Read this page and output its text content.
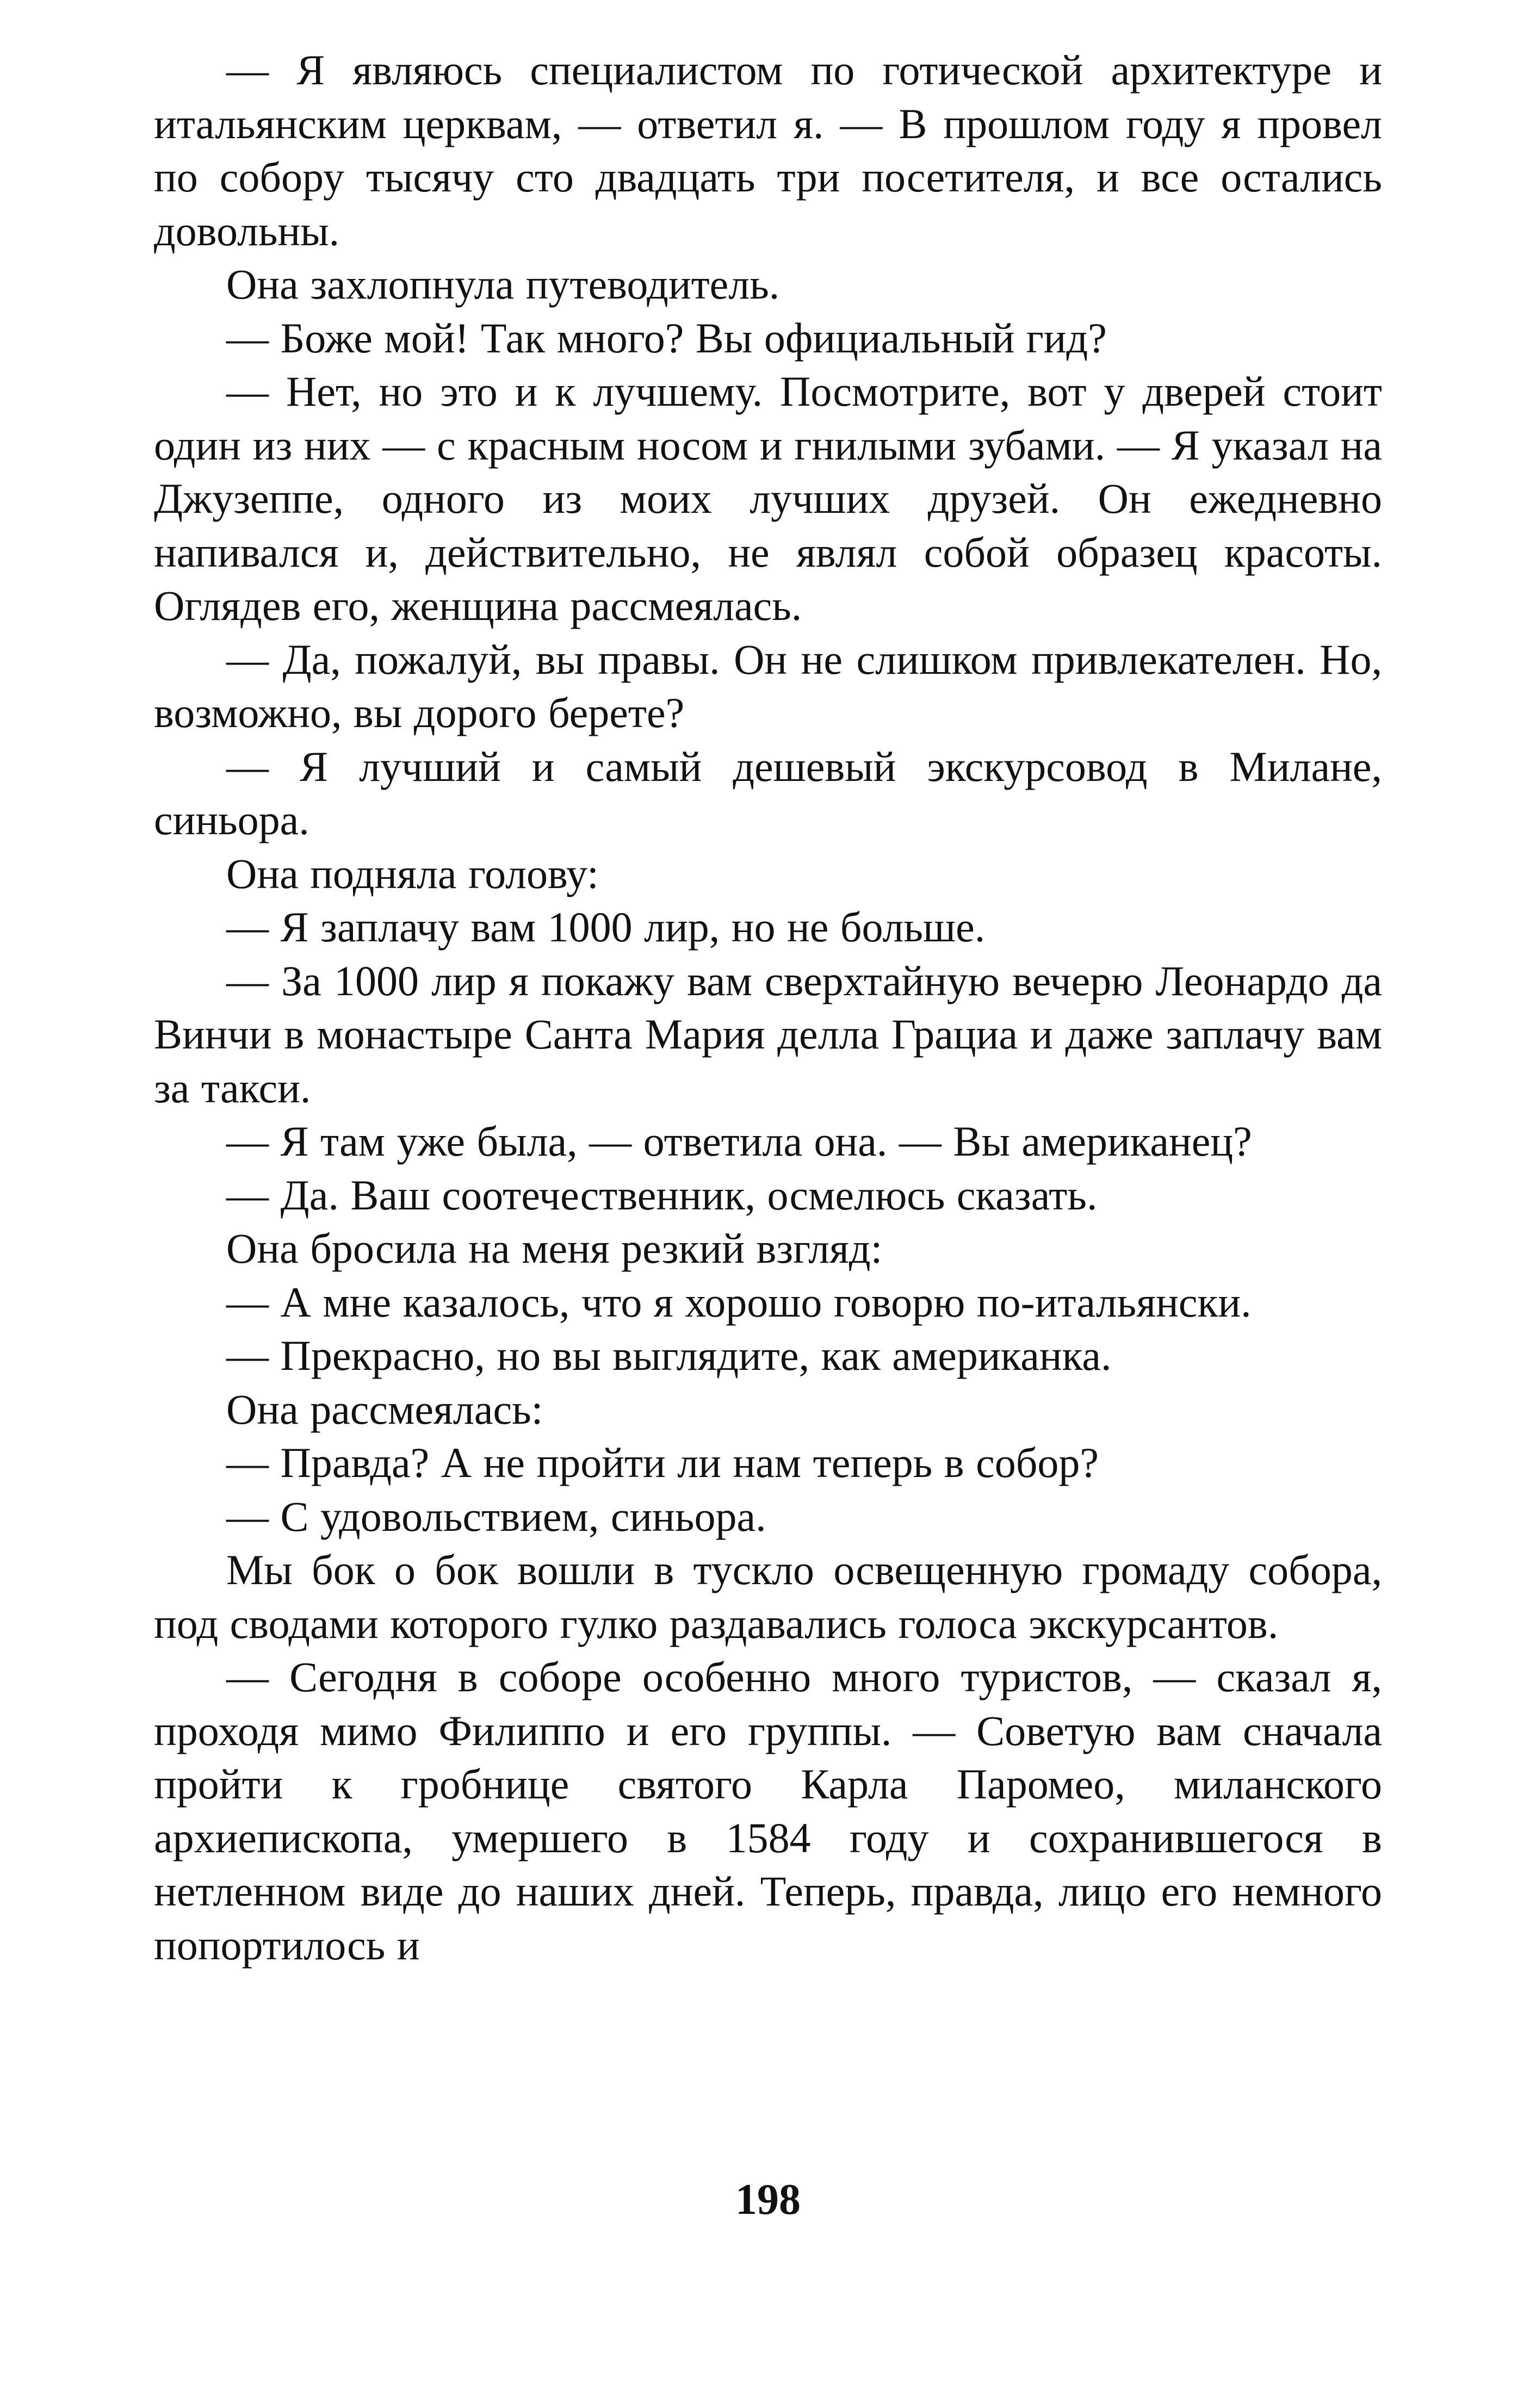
— Я являюсь специалистом по готической архитектуре и итальянским церквам, — ответил я. — В прошлом году я провел по собору тысячу сто двадцать три посетителя, и все остались довольны.

Она захлопнула путеводитель.

— Боже мой! Так много? Вы официальный гид?

— Нет, но это и к лучшему. Посмотрите, вот у дверей стоит один из них — с красным носом и гнилыми зубами. — Я указал на Джузеппе, одного из моих лучших друзей. Он ежедневно напивался и, действительно, не являл собой образец красоты. Оглядев его, женщина рассмеялась.

— Да, пожалуй, вы правы. Он не слишком привлекателен. Но, возможно, вы дорого берете?

— Я лучший и самый дешевый экскурсовод в Милане, синьора.

Она подняла голову:

— Я заплачу вам 1000 лир, но не больше.

— За 1000 лир я покажу вам сверхтайную вечерю Леонардо да Винчи в монастыре Санта Мария делла Грациа и даже заплачу вам за такси.

— Я там уже была, — ответила она. — Вы американец?

— Да. Ваш соотечественник, осмелюсь сказать.

Она бросила на меня резкий взгляд:

— А мне казалось, что я хорошо говорю по-итальянски.

— Прекрасно, но вы выглядите, как американка.

Она рассмеялась:

— Правда? А не пройти ли нам теперь в собор?

— С удовольствием, синьора.

Мы бок о бок вошли в тускло освещенную громаду собора, под сводами которого гулко раздавались голоса экскурсантов.

— Сегодня в соборе особенно много туристов, — сказал я, проходя мимо Филиппо и его группы. — Советую вам сначала пройти к гробнице святого Карла Паромео, миланского архиепископа, умершего в 1584 году и сохранившегося в нетленном виде до наших дней. Теперь, правда, лицо его немного попортилось и

198
